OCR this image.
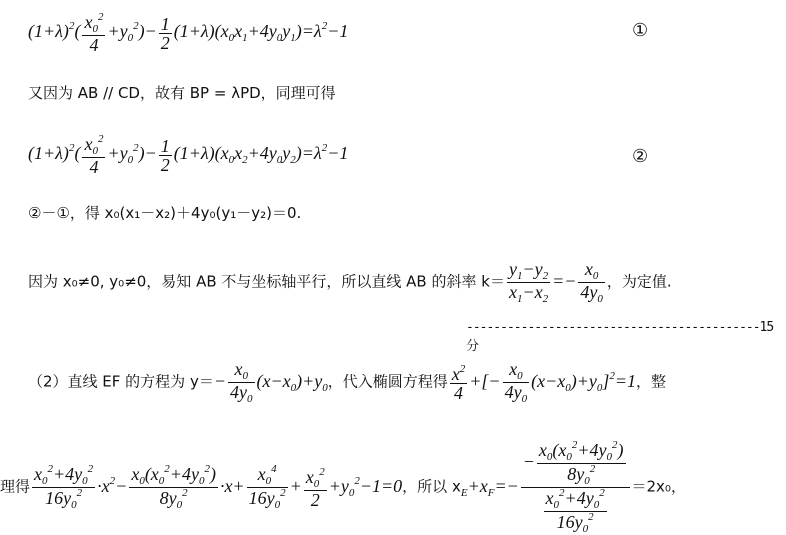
$(1+\lambda)^2( \frac{x_0^2}{4} +y_0^2)- \frac{1}{2} (1+\lambda)(x_0x_1+4y_0y_1)=\lambda^2-1$	①
又因为 AB // CD，故有 BP = λPD，同理可得
$(1+\lambda)^2( \frac{x_0^2}{4} +y_0^2)- \frac{1}{2} (1+\lambda)(x_0x_2+4y_0y_2)=\lambda^2-1$	②
②－①，得 x₀(x₁－x₂)＋4y₀(y₁－y₂)＝0.
因为 x₀≠0, y₀≠0，易知 AB 不与坐标轴平行，所以直线 AB 的斜率 $k= \frac{y_1-y_2}{x_1-x_2} =- \frac{x_0}{4y_0}$ ，为定值.
-------------------------------------------15 分
（2）直线 EF 的方程为 $y=- \frac{x_0}{4y_0} (x-x_0)+y_0$，代入椭圆方程得 $\frac{x^2}{4}$ +[− $\frac{x_0}{4y_0} (x-x_0)+y_0]^2=1$，整
理得 $\frac{x_0^2+4y_0^2}{16y_0^2} \cdot x^2- \frac{x_0(x_0^2+4y_0^2)}{8y_0^2} \cdot x+ \frac{x_0^4}{16y_0^2} + \frac{x_0^2}{2} +y_0^2-1=0$，所以 $x_E+x_F=- \frac{- \frac{x_0(x_0^2+4y_0^2)}{8y_0^2}}{\frac{x_0^2+4y_0^2}{16y_0^2}} =2x_0$，
